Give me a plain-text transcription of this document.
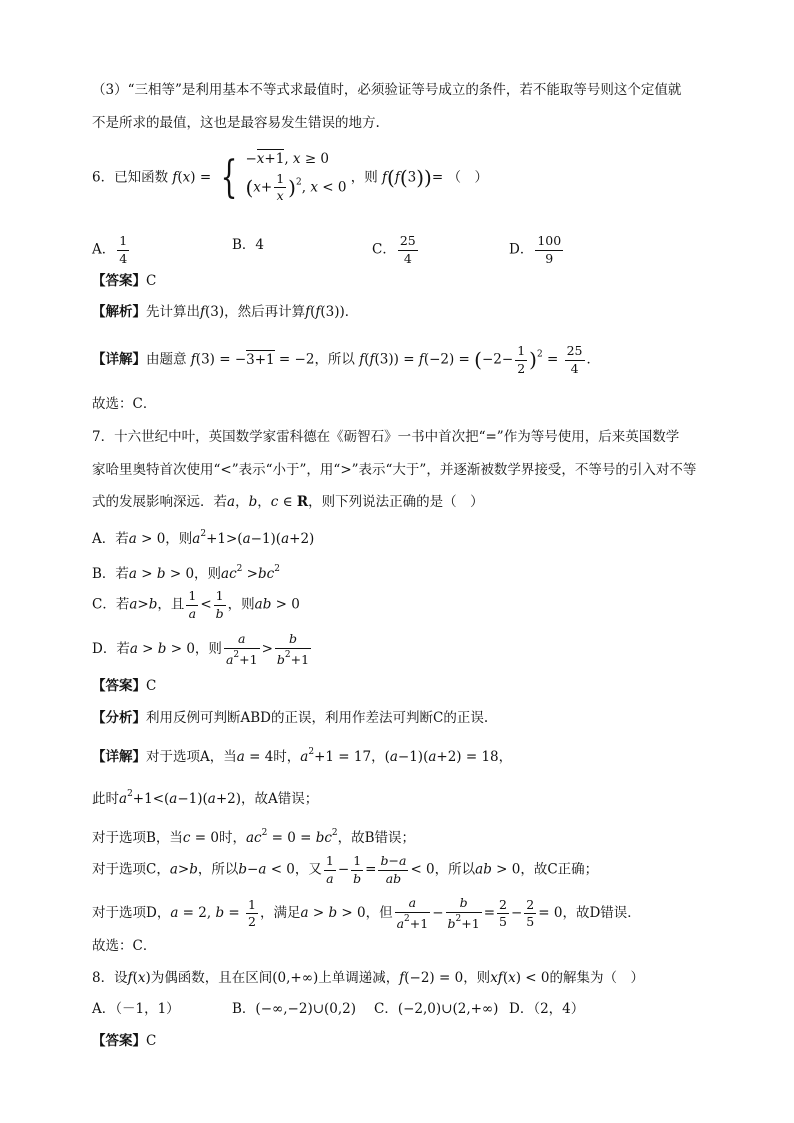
（3）“三相等”是利用基本不等式求最值时，必须验证等号成立的条件，若不能取等号则这个定值就
不是所求的最值，这也是最容易发生错误的地方.
6．已知函数 f(x) = { −x+1, x ≥ 0
$(x+ \frac{1}{x} )^2$, x < 0
，则 f(f(3))= （　）
A． $\frac{1}{4}$	B．4	C． $\frac{25}{4}$	D． $\frac{100}{9}$
【答案】C
【解析】先计算出f(3)，然后再计算f(f(3))．
【详解】由题意 f(3) = −3+1 = −2，所以 $f(f(3)) = f(-2) = (-2- \frac{1}{2} )^2 = \frac{25}{4}$ ．
故选：C．
7．十六世纪中叶，英国数学家雷科德在《砺智石》一书中首次把“=”作为等号使用，后来英国数学
家哈里奥特首次使用“<”表示“小于”，用“>”表示“大于”，并逐渐被数学界接受，不等号的引入对不等
式的发展影响深远．若a，b，c ∈ R，则下列说法正确的是（　）
A．若a > 0，则$a^2+1>(a-1)(a+2)$
B．若a > b > 0，则$ac^2 >bc^2$
C．若a>b，且 $\frac{1}{a} < \frac{1}{b}$ ，则ab > 0
D．若a > b > 0，则 $\frac{a}{a^2+1} > \frac{b}{b^2+1}$
【答案】C
【分析】利用反例可判断ABD的正误，利用作差法可判断C的正误.
【详解】对于选项A，当a = 4时，$a^2+1 = 17$，(a−1)(a+2) = 18，
此时$a^2+1<(a-1)(a+2)$，故A错误；
对于选项B，当c = 0时，$ac^2 = 0 = bc^2$，故B错误；
对于选项C，a>b，所以b−a < 0，又 $\frac{1}{a} - \frac{1}{b} = \frac{b-a}{ab} < 0$，所以ab > 0，故C正确；
对于选项D，a = 2, $b = \frac{1}{2}$ ，满足a > b > 0，但 $\frac{a}{a^2+1} - \frac{b}{b^2+1} = \frac{2}{5} - \frac{2}{5} = 0$，故D错误．
故选：C．
8．设f(x)为偶函数，且在区间(0,+∞)上单调递减，f(−2) = 0，则xf(x) < 0的解集为（　）
A．（－1，1）	B．(−∞,−2)∪(0,2) C．(−2,0)∪(2,+∞) D．（2，4）
【答案】C
